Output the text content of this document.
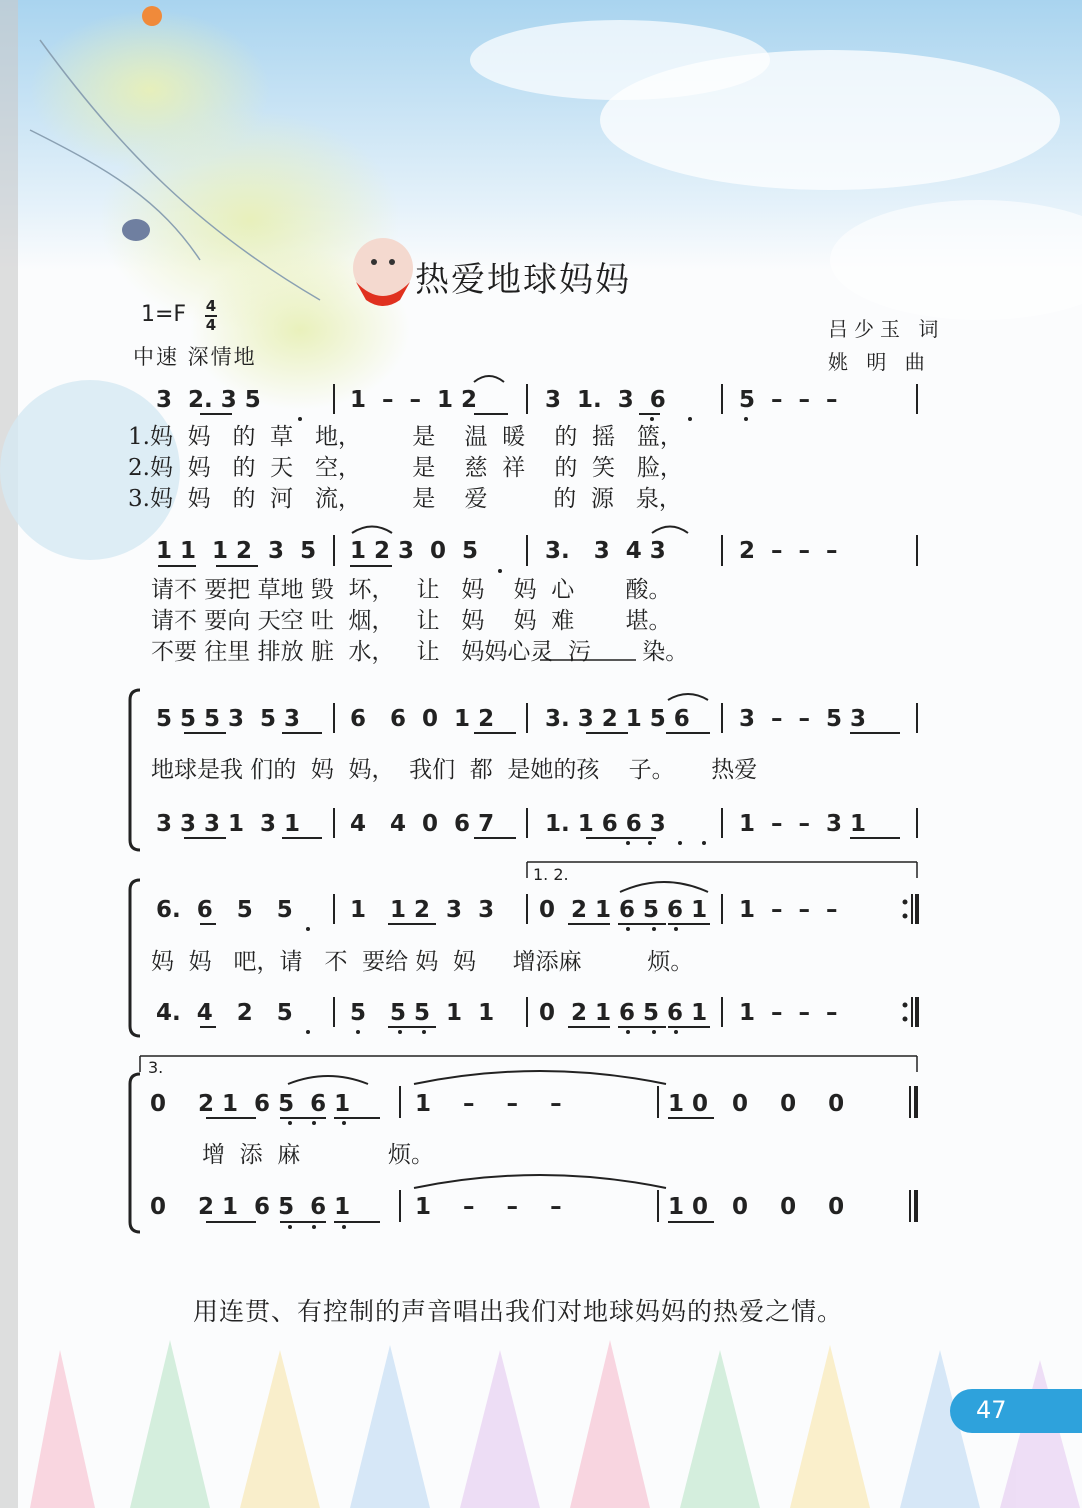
热爱地球妈妈
1=F 4
4
中速 深情地
吕少玉 词
姚 明 曲
3  2. 3 5	1  –  –  1 2	3  1.  3  6	5  –  –  –
1.妈  妈   的  草   地，       是    温  暖    的  摇   篮，
2.妈  妈   的  天   空，       是    慈  祥    的  笑   脸，
3.妈  妈   的  河   流，       是    爱         的  源   泉，
1 1  1 2  3  5 1 2 3  0  5	3.   3  4 3	2  –  –  –
请不 要把 草地 毁  坏，   让   妈    妈  心       酸。
请不 要向 天空 吐  烟，   让   妈    妈  难       堪。
不要 往里 排放 脏  水，   让   妈妈心灵  污       染。
5 5 5 3  5 3 6   6  0  1 2 3. 3 2 1 5 6 3  –  –  5 3
地球是我 们的  妈  妈，  我们  都  是她的孩    子。     热爱
3 3 3 1  3 1 4   4  0  6 7 1. 1 6 6 3	1  –  –  3 1
1. 2.
6.  6   5   5 1   1 2  3  3 0  2 1 6 5 6 1 1  –  –  –
妈  妈   吧，请   不  要给 妈  妈     增添麻         烦。
4.  4   2   5 5   5 5  1  1 0  2 1 6 5 6 1 1  –  –  –
3.
0    2 1  6 5  6 1	1    –    –    –	1 0   0    0    0
增  添  麻            烦。
0    2 1  6 5  6 1	1    –    –    –	1 0   0    0    0
用连贯、有控制的声音唱出我们对地球妈妈的热爱之情。
47
